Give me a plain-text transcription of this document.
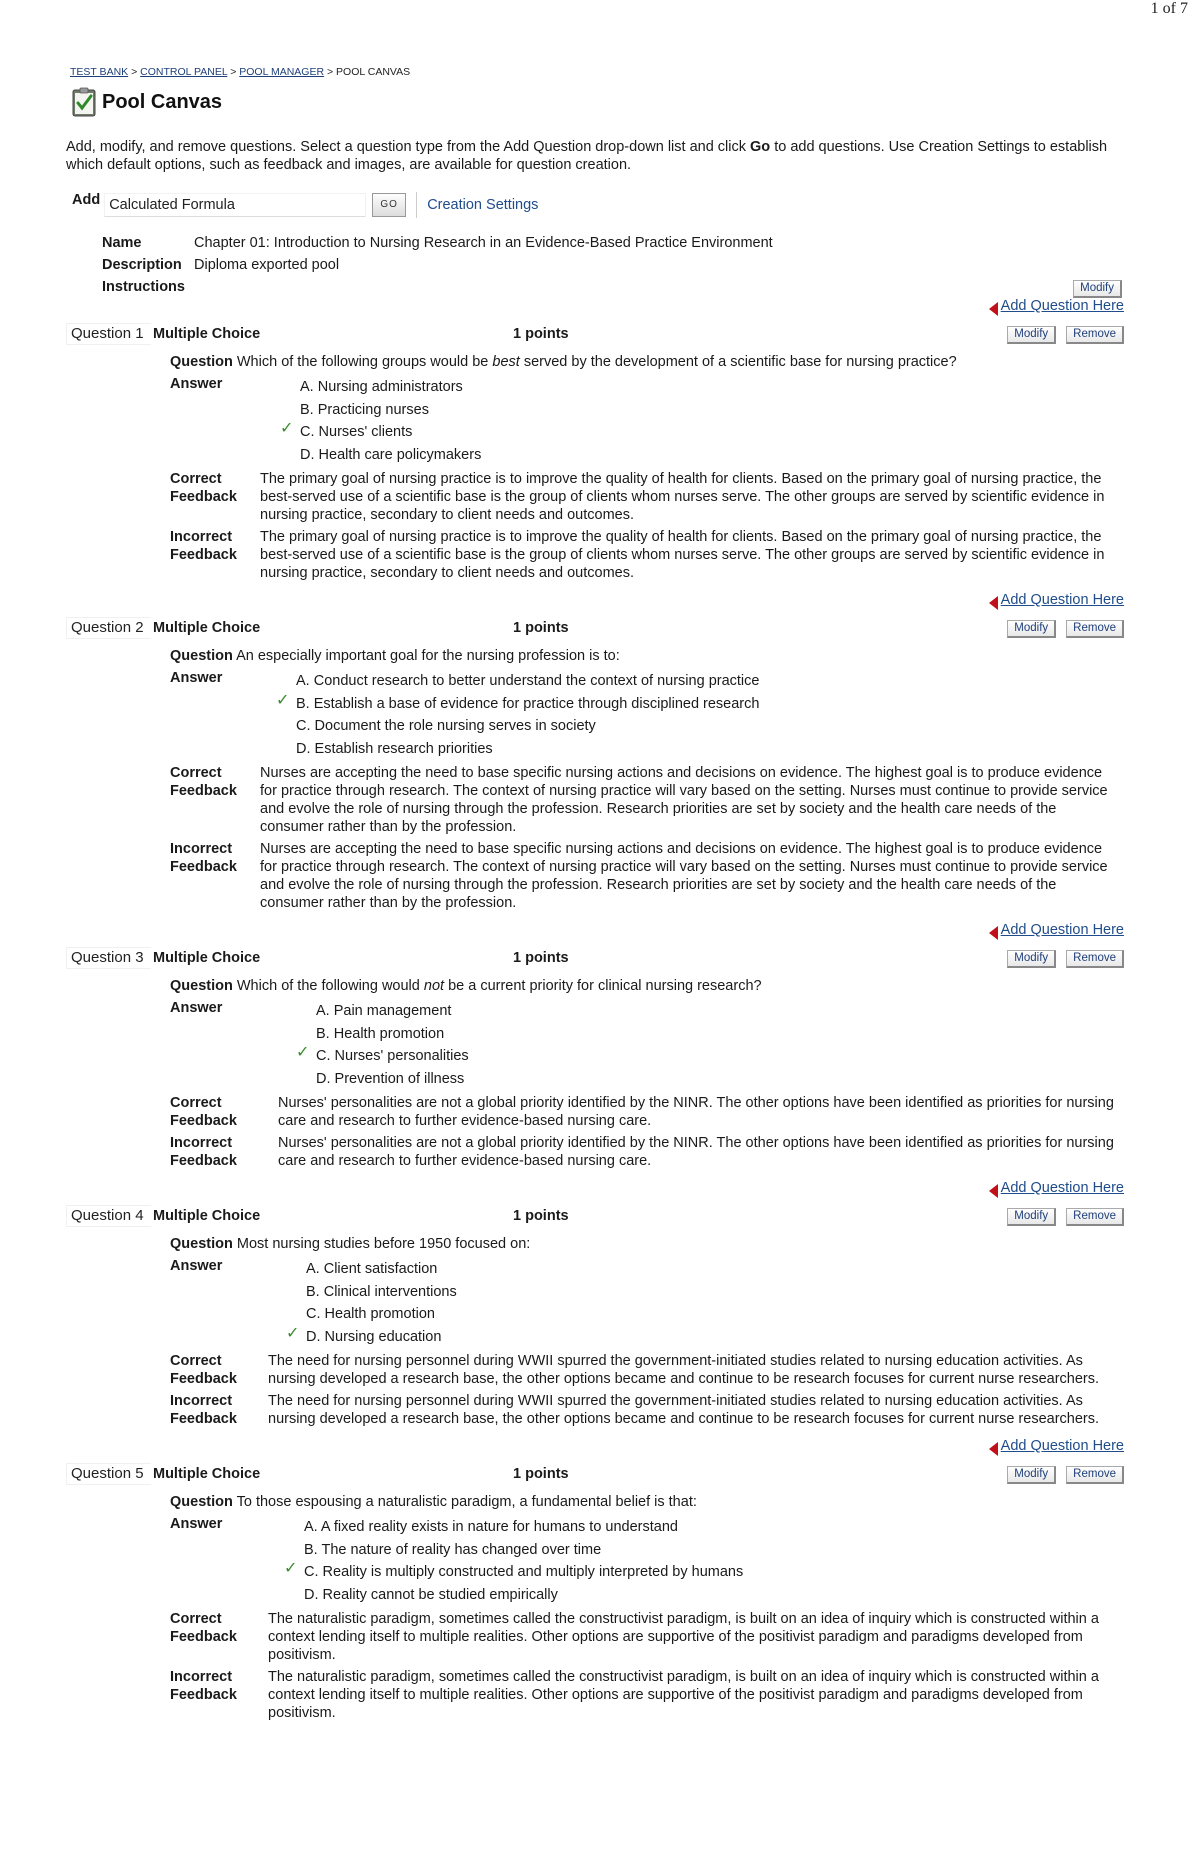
1 of 7
TEST BANK > CONTROL PANEL > POOL MANAGER > POOL CANVAS
Pool Canvas
Add, modify, and remove questions. Select a question type from the Add Question drop-down list and click Go to add questions. Use Creation Settings to establish which default options, such as feedback and images, are available for question creation.
Add Calculated Formula	GO	Creation Settings
Name	Chapter 01: Introduction to Nursing Research in an Evidence-Based Practice Environment
Description Diploma exported pool
Instructions	Modify
Add Question Here
Question 1 Multiple Choice	1 points	Modify Remove
Question Which of the following groups would be best served by the development of a scientific base for nursing practice?
Answer	A. Nursing administrators
B. Practicing nurses
✓ C. Nurses' clients
D. Health care policymakers
Correct
Feedback
The primary goal of nursing practice is to improve the quality of health for clients. Based on the primary goal of nursing practice, the best-served use of a scientific base is the group of clients whom nurses serve. The other groups are served by scientific evidence in nursing practice, secondary to client needs and outcomes.
Incorrect
Feedback
The primary goal of nursing practice is to improve the quality of health for clients. Based on the primary goal of nursing practice, the best-served use of a scientific base is the group of clients whom nurses serve. The other groups are served by scientific evidence in nursing practice, secondary to client needs and outcomes.
Add Question Here
Question 2 Multiple Choice	1 points	Modify Remove
Question An especially important goal for the nursing profession is to:
Answer	A. Conduct research to better understand the context of nursing practice
✓ B. Establish a base of evidence for practice through disciplined research
C. Document the role nursing serves in society
D. Establish research priorities
Correct
Feedback
Nurses are accepting the need to base specific nursing actions and decisions on evidence. The highest goal is to produce evidence for practice through research. The context of nursing practice will vary based on the setting. Nurses must continue to provide service and evolve the role of nursing through the profession. Research priorities are set by society and the health care needs of the consumer rather than by the profession.
Incorrect
Feedback
Nurses are accepting the need to base specific nursing actions and decisions on evidence. The highest goal is to produce evidence for practice through research. The context of nursing practice will vary based on the setting. Nurses must continue to provide service and evolve the role of nursing through the profession. Research priorities are set by society and the health care needs of the consumer rather than by the profession.
Add Question Here
Question 3 Multiple Choice	1 points	Modify Remove
Question Which of the following would not be a current priority for clinical nursing research?
Answer	A. Pain management
B. Health promotion
✓ C. Nurses' personalities
D. Prevention of illness
Correct
Feedback
Nurses' personalities are not a global priority identified by the NINR. The other options have been identified as priorities for nursing care and research to further evidence-based nursing care.
Incorrect
Feedback
Nurses' personalities are not a global priority identified by the NINR. The other options have been identified as priorities for nursing care and research to further evidence-based nursing care.
Add Question Here
Question 4 Multiple Choice	1 points	Modify Remove
Question Most nursing studies before 1950 focused on:
Answer	A. Client satisfaction
B. Clinical interventions
C. Health promotion
✓ D. Nursing education
Correct
Feedback
The need for nursing personnel during WWII spurred the government-initiated studies related to nursing education activities. As nursing developed a research base, the other options became and continue to be research focuses for current nurse researchers.
Incorrect
Feedback
The need for nursing personnel during WWII spurred the government-initiated studies related to nursing education activities. As nursing developed a research base, the other options became and continue to be research focuses for current nurse researchers.
Add Question Here
Question 5 Multiple Choice	1 points	Modify Remove
Question To those espousing a naturalistic paradigm, a fundamental belief is that:
Answer	A. A fixed reality exists in nature for humans to understand
B. The nature of reality has changed over time
✓ C. Reality is multiply constructed and multiply interpreted by humans
D. Reality cannot be studied empirically
Correct
Feedback
The naturalistic paradigm, sometimes called the constructivist paradigm, is built on an idea of inquiry which is constructed within a context lending itself to multiple realities. Other options are supportive of the positivist paradigm and paradigms developed from positivism.
Incorrect
Feedback
The naturalistic paradigm, sometimes called the constructivist paradigm, is built on an idea of inquiry which is constructed within a context lending itself to multiple realities. Other options are supportive of the positivist paradigm and paradigms developed from positivism.
